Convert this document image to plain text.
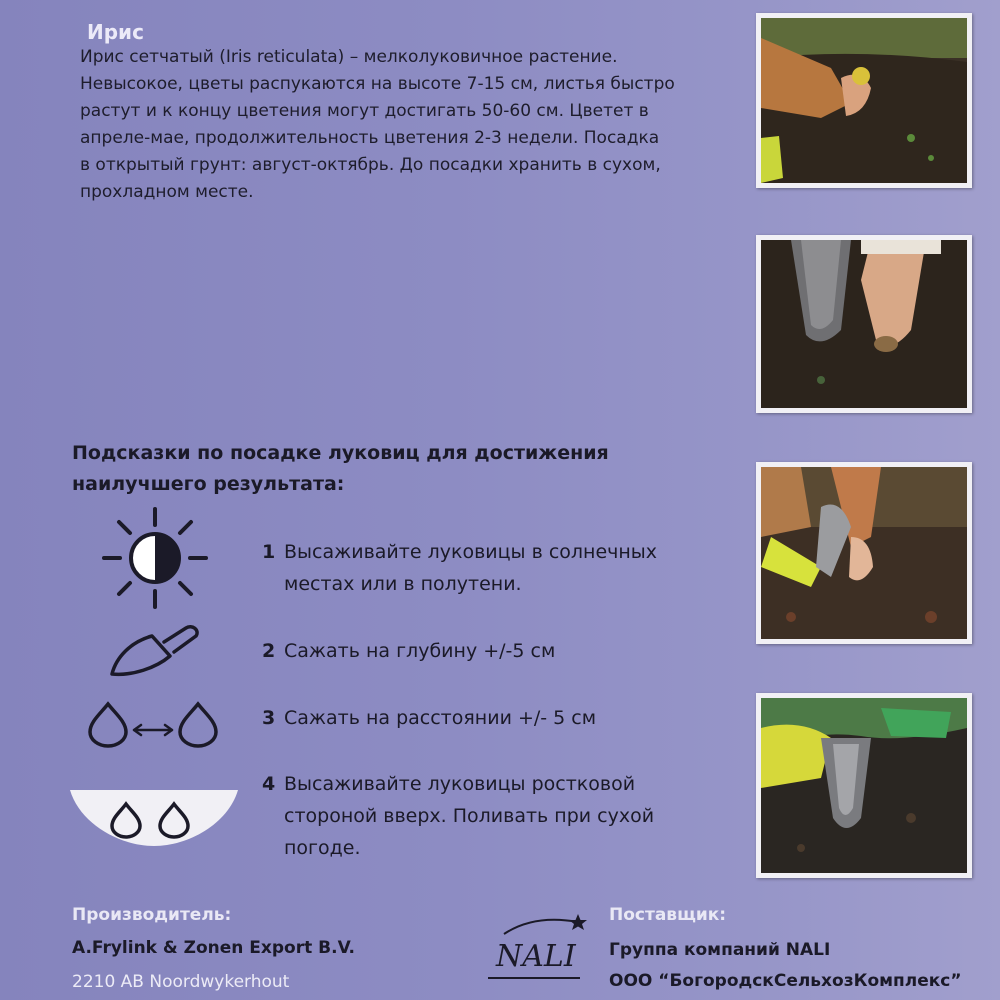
Ирис

Ирис сетчатый (Iris reticulata) – мелколуковичное растение.

Невысокое, цветы распукаются на высоте 7-15 см, листья быстро

растут и к концу цветения могут достигать 50-60 см. Цветет в

апреле-мае, продолжительность цветения 2-3 недели. Посадка

в открытый грунт: август-октябрь. До посадки хранить в сухом,

прохладном месте.

Подсказки по посадке луковиц для достижения
наилучшего результата:
1 Высаживайте луковицы в солнечных
местах или в полутени.
2 Сажать на глубину +/-5 см
3 Сажать на расстоянии +/- 5 см
4 Высаживайте луковицы ростковой
стороной вверх. Поливать при сухой
погоде.
Производитель:
A.Frylink & Zonen Export B.V.
2210 AB Noordwykerhout
NALI
Поставщик:
Группа компаний NALI
ООО “БогородскСельхозКомплекс”
